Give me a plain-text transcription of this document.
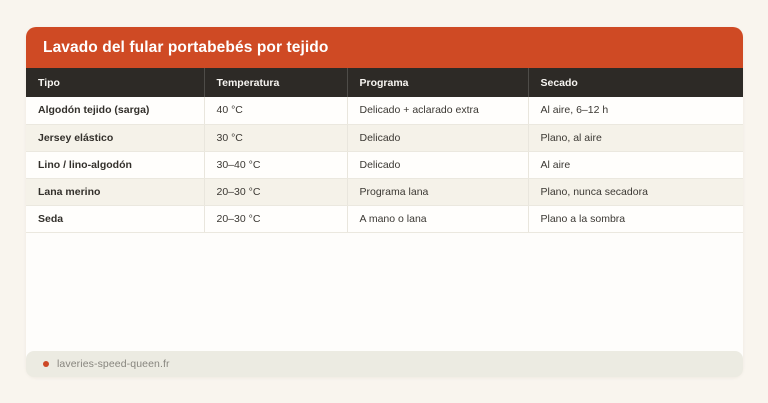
Lavado del fular portabebés por tejido
Tipo	Temperatura	Programa	Secado
Algodón tejido (sarga)	40 °C	Delicado + aclarado extra	Al aire, 6–12 h
Jersey elástico	30 °C	Delicado	Plano, al aire
Lino / lino-algodón	30–40 °C	Delicado	Al aire
Lana merino	20–30 °C	Programa lana	Plano, nunca secadora
Seda	20–30 °C	A mano o lana	Plano a la sombra
laveries-speed-queen.fr
